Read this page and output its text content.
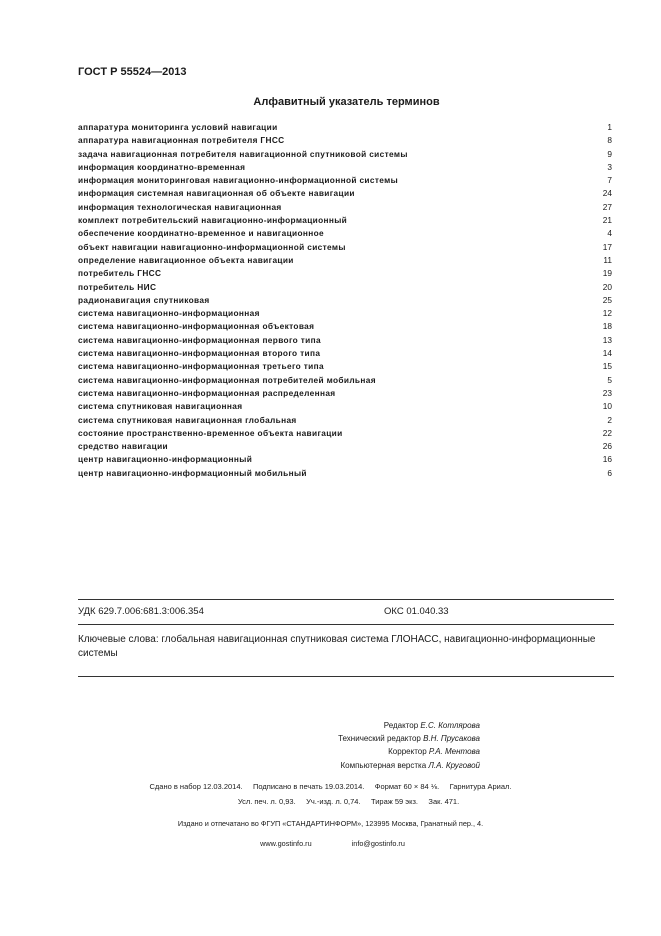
ГОСТ Р 55524—2013
Алфавитный указатель терминов
аппаратура мониторинга условий навигации	1
аппаратура навигационная потребителя ГНСС	8
задача навигационная потребителя навигационной спутниковой системы	9
информация координатно-временная	3
информация мониторинговая навигационно-информационной системы	7
информация системная навигационная об объекте навигации	24
информация технологическая навигационная	27
комплект потребительский навигационно-информационный	21
обеспечение координатно-временное и навигационное	4
объект навигации навигационно-информационной системы	17
определение навигационное объекта навигации	11
потребитель ГНСС	19
потребитель НИС	20
радионавигация спутниковая	25
система навигационно-информационная	12
система навигационно-информационная объектовая	18
система навигационно-информационная первого типа	13
система навигационно-информационная второго типа	14
система навигационно-информационная третьего типа	15
система навигационно-информационная потребителей мобильная	5
система навигационно-информационная распределенная	23
система спутниковая навигационная	10
система спутниковая навигационная глобальная	2
состояние пространственно-временное объекта навигации	22
средство навигации	26
центр навигационно-информационный	16
центр навигационно-информационный мобильный	6
УДК 629.7.006:681.3:006.354	ОКС 01.040.33
Ключевые слова: глобальная навигационная спутниковая система ГЛОНАСС, навигационно-информационные системы
Редактор Е.С. Котлярова
Технический редактор В.Н. Прусакова
Корректор Р.А. Ментова
Компьютерная верстка Л.А. Круговой
Сдано в набор 12.03.2014.     Подписано в печать 19.03.2014.     Формат 60 × 84 ⅛.     Гарнитура Ариал.
Усл. печ. л. 0,93.     Уч.-изд. л. 0,74.     Тираж 59 экз.     Зак. 471.
Издано и отпечатано во ФГУП «СТАНДАРТИНФОРМ», 123995 Москва, Гранатный пер., 4.

www.gostinfo.ru	info@gostinfo.ru
